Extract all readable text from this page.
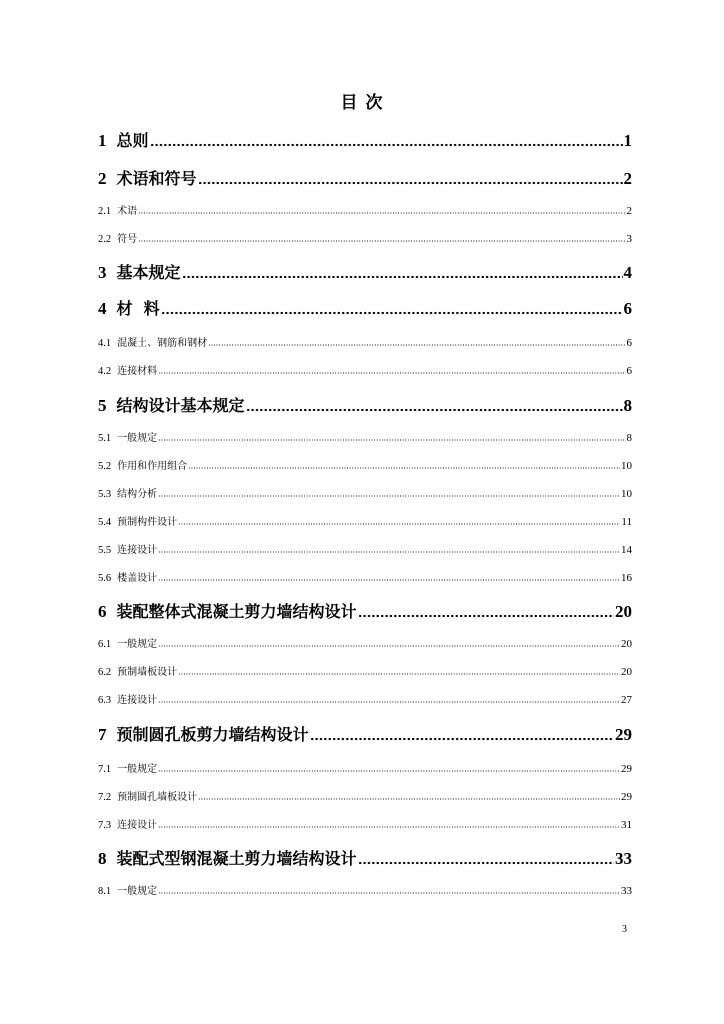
目 次
1 总则	1
2 术语和符号	2
2.1 术语	2
2.2 符号	3
3 基本规定	4
4 材  料	6
4.1 混凝土、钢筋和钢材	6
4.2 连接材料	6
5 结构设计基本规定	8
5.1 一般规定	8
5.2 作用和作用组合	10
5.3 结构分析	10
5.4 预制构件设计	11
5.5 连接设计	14
5.6 楼盖设计	16
6 装配整体式混凝土剪力墙结构设计	20
6.1 一般规定	20
6.2 预制墙板设计	20
6.3 连接设计	27
7 预制圆孔板剪力墙结构设计	29
7.1 一般规定	29
7.2 预制圆孔墙板设计	29
7.3 连接设计	31
8 装配式型钢混凝土剪力墙结构设计	33
8.1 一般规定	33
3
